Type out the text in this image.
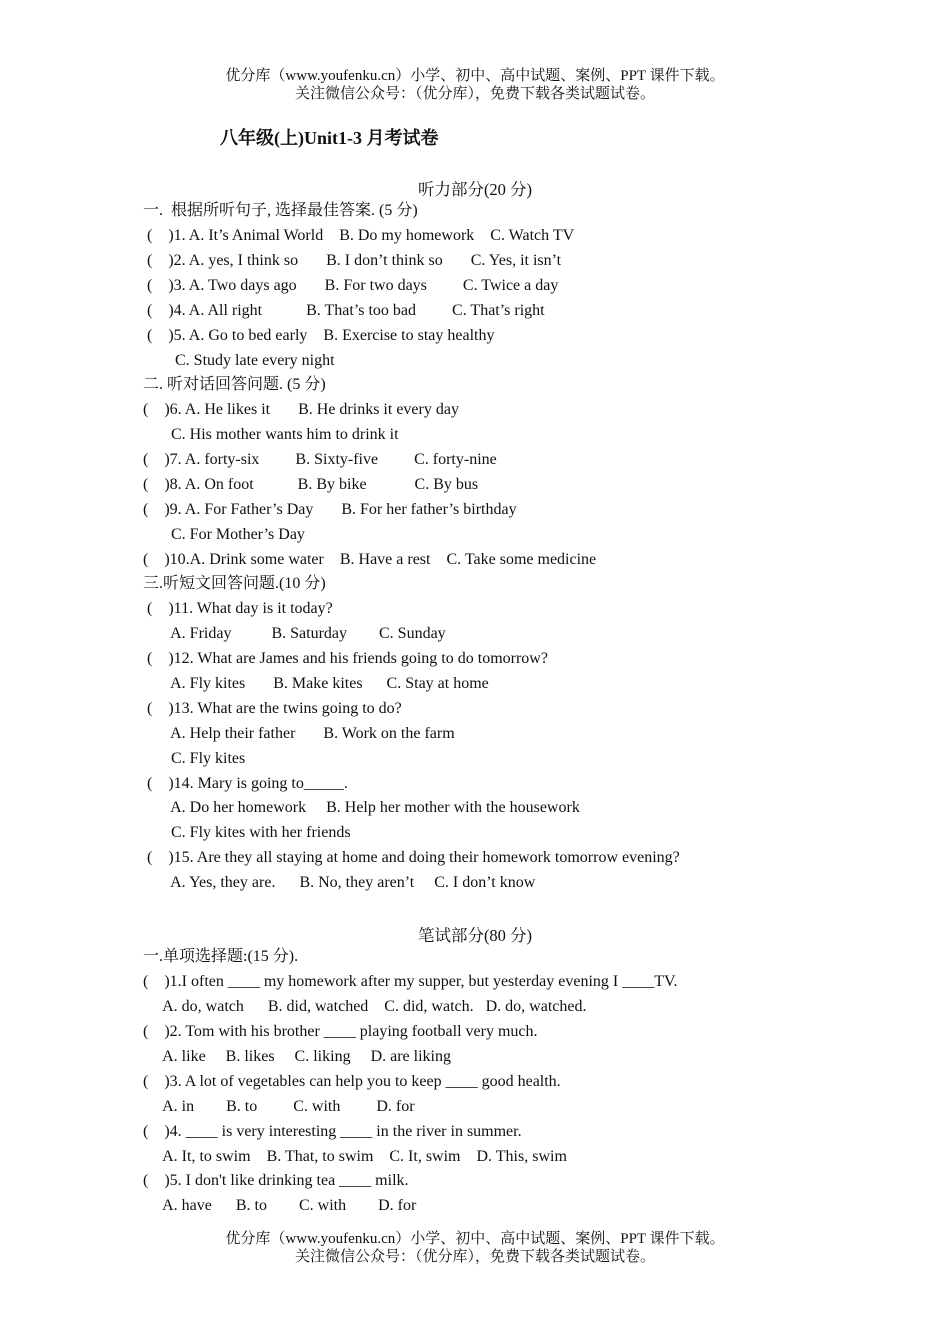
优分库（www.youfenku.cn）小学、初中、高中试题、案例、PPT 课件下载。
关注微信公众号：（优分库），免费下载各类试题试卷。
八年级(上)Unit1-3 月考试卷
听力部分(20 分)
一.  根据所听句子, 选择最佳答案. (5 分)
(    )1. A. It’s Animal World    B. Do my homework    C. Watch TV
(    )2. A. yes, I think so       B. I don’t think so       C. Yes, it isn’t
(    )3. A. Two days ago       B. For two days         C. Twice a day
(    )4. A. All right           B. That’s too bad         C. That’s right
(    )5. A. Go to bed early    B. Exercise to stay healthy
C. Study late every night
二. 听对话回答问题. (5 分)
(    )6. A. He likes it       B. He drinks it every day
C. His mother wants him to drink it
(    )7. A. forty-six         B. Sixty-five         C. forty-nine
(    )8. A. On foot           B. By bike            C. By bus
(    )9. A. For Father’s Day       B. For her father’s birthday
C. For Mother’s Day
(    )10.A. Drink some water    B. Have a rest    C. Take some medicine
三.听短文回答问题.(10 分)
(    )11. What day is it today?
A. Friday          B. Saturday        C. Sunday
(    )12. What are James and his friends going to do tomorrow?
A. Fly kites       B. Make kites      C. Stay at home
(    )13. What are the twins going to do?
A. Help their father       B. Work on the farm
C. Fly kites
(    )14. Mary is going to_____.
A. Do her homework     B. Help her mother with the housework
C. Fly kites with her friends
(    )15. Are they all staying at home and doing their homework tomorrow evening?
A. Yes, they are.      B. No, they aren’t     C. I don’t know
笔试部分(80 分)
一.单项选择题:(15 分).
(    )1.I often ____ my homework after my supper, but yesterday evening I ____TV.
A. do, watch      B. did, watched    C. did, watch.   D. do, watched.
(    )2. Tom with his brother ____ playing football very much.
A. like     B. likes     C. liking     D. are liking
(    )3. A lot of vegetables can help you to keep ____ good health.
A. in        B. to         C. with         D. for
(    )4. ____ is very interesting ____ in the river in summer.
A. It, to swim    B. That, to swim    C. It, swim    D. This, swim
(    )5. I don't like drinking tea ____ milk.
A. have      B. to        C. with        D. for
优分库（www.youfenku.cn）小学、初中、高中试题、案例、PPT 课件下载。
关注微信公众号：（优分库），免费下载各类试题试卷。
